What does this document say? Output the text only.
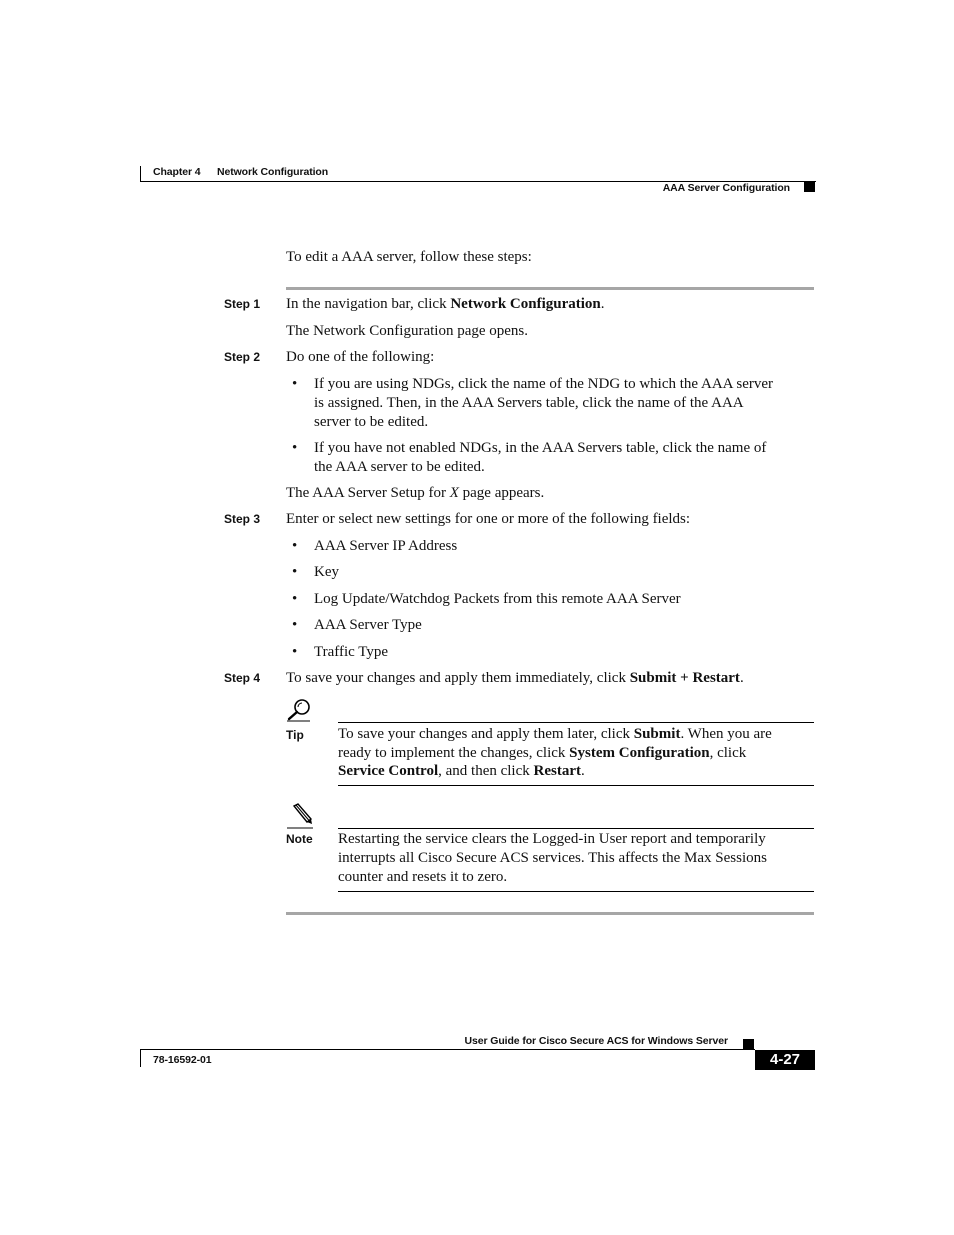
Chapter 4 Network Configuration
AAA Server Configuration
To edit a AAA server, follow these steps:
Step 1 In the navigation bar, click Network Configuration.
The Network Configuration page opens.
Step 2 Do one of the following:
• If you are using NDGs, click the name of the NDG to which the AAA server
is assigned. Then, in the AAA Servers table, click the name of the AAA
server to be edited.
• If you have not enabled NDGs, in the AAA Servers table, click the name of
the AAA server to be edited.
The AAA Server Setup for X page appears.
Step 3 Enter or select new settings for one or more of the following fields:
• AAA Server IP Address
• Key
• Log Update/Watchdog Packets from this remote AAA Server
• AAA Server Type
• Traffic Type
Step 4 To save your changes and apply them immediately, click Submit + Restart.
Tip To save your changes and apply them later, click Submit. When you are
ready to implement the changes, click System Configuration, click
Service Control, and then click Restart.
Note Restarting the service clears the Logged-in User report and temporarily
interrupts all Cisco Secure ACS services. This affects the Max Sessions
counter and resets it to zero.
User Guide for Cisco Secure ACS for Windows Server
78-16592-01	4-27
